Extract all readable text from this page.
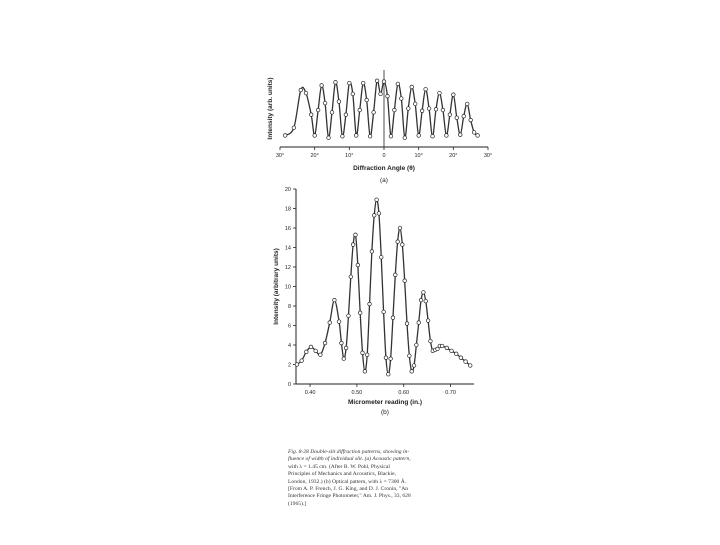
30°	20°	10°	0	10°	20°	30°
Diffraction Angle (θ)
Intensity (arb. units)
(a)
0.40	0.50	0.60	0.70
0
2
4
6
8
10
12
14
16
18
20
Micrometer reading (in.)
Intensity (arbitrary units)
(b)

Fig. 8-28 Double-slit diffraction patterns, showing in-

fluence of width of individual slit. (a) Acoustic pattern,

with λ = 1.45 cm. (After R. W. Pohl, Physical

Principles of Mechanics and Acoustics, Blackie,

London, 1932.) (b) Optical pattern, with λ = 7300 Å.

[From A. P. French, J. G. King, and D. J. Cronin, "An

Interference Fringe Photometer," Am. J. Phys., 33, 628

(1965).]
